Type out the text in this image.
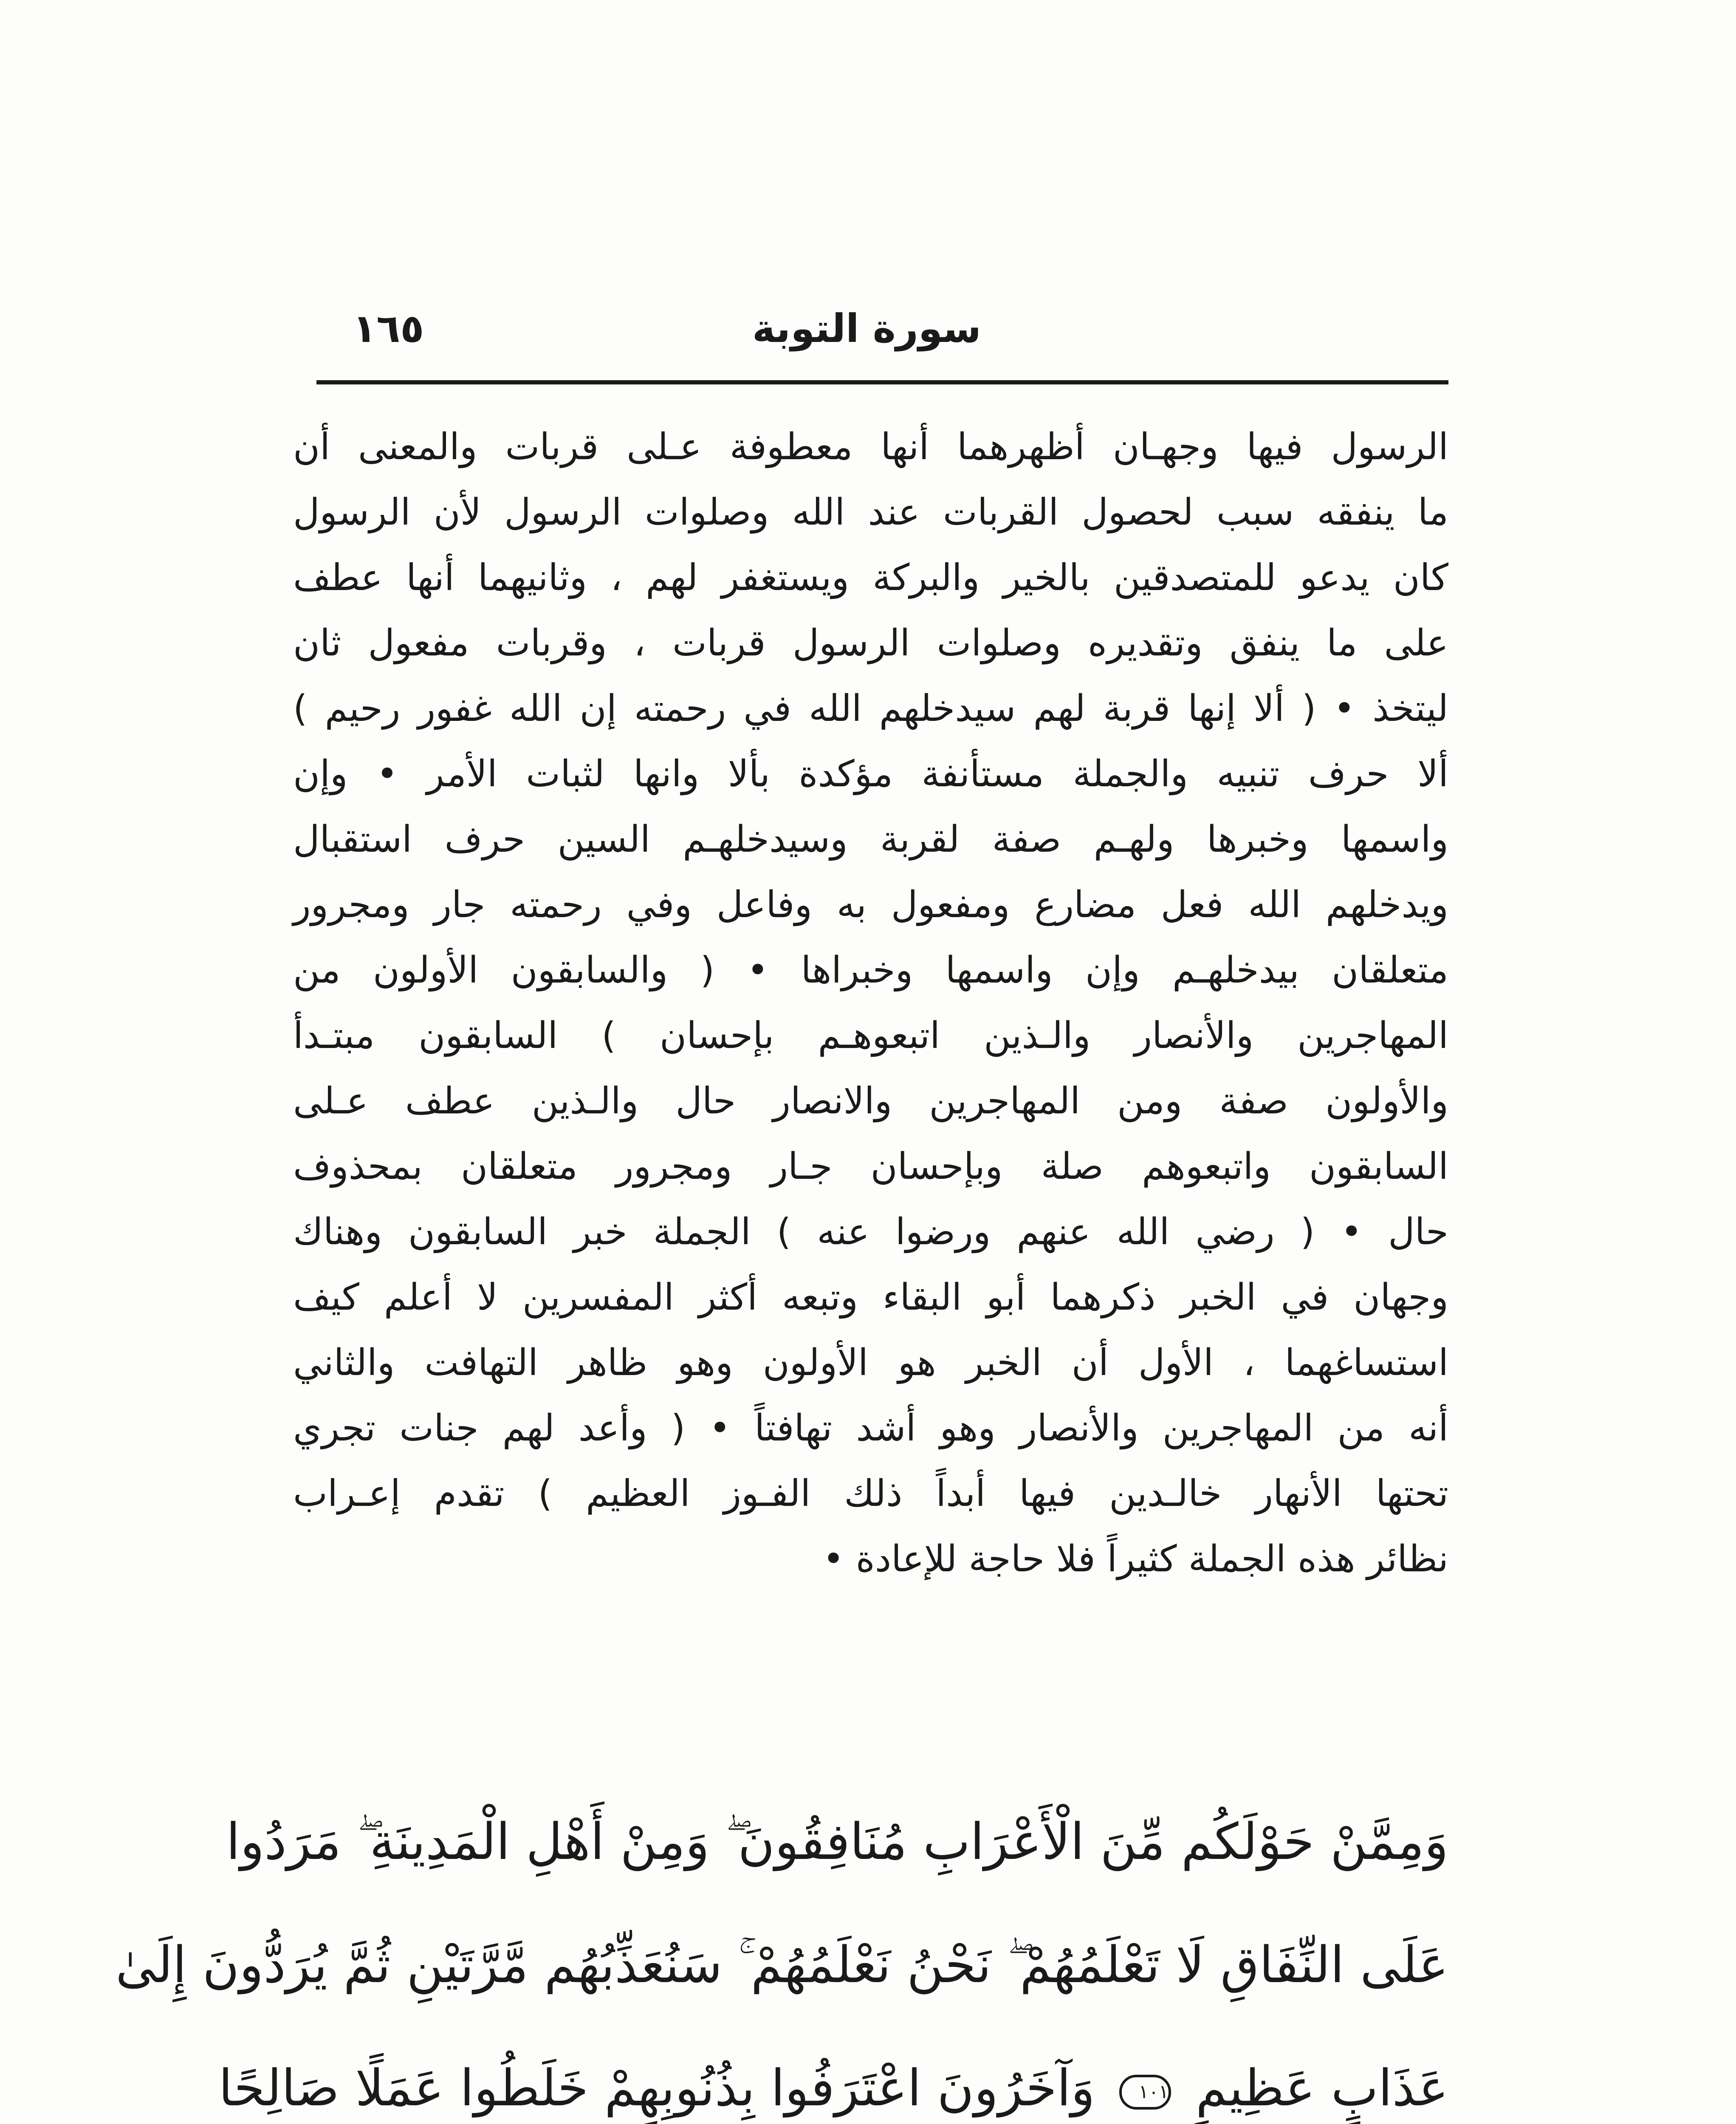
سورة التوبة
١٦٥
الرسول فيها وجهـان أظهرهما أنها معطوفة عـلى قربات والمعنى أن
ما ينفقه سبب لحصول القربات عند الله وصلوات الرسول لأن الرسول
كان يدعو للمتصدقين بالخير والبركة ويستغفر لهم ، وثانيهما أنها عطف
على ما ينفق وتقديره وصلوات الرسول قربات ، وقربات مفعول ثان
ليتخذ • ( ألا إنها قربة لهم سيدخلهم الله في رحمته إن الله غفور رحيم )
ألا حرف تنبيه والجملة مستأنفة مؤكدة بألا وانها لثبات الأمر • وإن
واسمها وخبرها ولهـم صفة لقربة وسيدخلهـم السين حرف استقبال
ويدخلهم الله فعل مضارع ومفعول به وفاعل وفي رحمته جار ومجرور
متعلقان بيدخلهـم وإن واسمها وخبراها • ( والسابقون الأولون من
المهاجرين والأنصار والـذين اتبعوهـم بإحسان ) السابقون مبتـدأ
والأولون صفة ومن المهاجرين والانصار حال والـذين عطف عـلى
السابقون واتبعوهم صلة وبإحسان جـار ومجرور متعلقان بمحذوف
حال • ( رضي الله عنهم ورضوا عنه ) الجملة خبر السابقون وهناك
وجهان في الخبر ذكرهما أبو البقاء وتبعه أكثر المفسرين لا أعلم كيف
استساغهما ، الأول أن الخبر هو الأولون وهو ظاهر التهافت والثاني
أنه من المهاجرين والأنصار وهو أشد تهافتاً • ( وأعد لهم جنات تجري
تحتها الأنهار خالـدين فيها أبداً ذلك الفـوز العظيم ) تقدم إعـراب
نظائر هذه الجملة كثيراً فلا حاجة للإعادة •
وَمِمَّنْ حَوْلَكُم مِّنَ الْأَعْرَابِ مُنَافِقُونَ ۖ وَمِنْ أَهْلِ الْمَدِينَةِ ۖ مَرَدُوا
عَلَى النِّفَاقِ لَا تَعْلَمُهُمْ ۖ نَحْنُ نَعْلَمُهُمْ ۚ سَنُعَذِّبُهُم مَّرَّتَيْنِ ثُمَّ يُرَدُّونَ إِلَىٰ
عَذَابٍ عَظِيمٍ ١٠١ وَآخَرُونَ اعْتَرَفُوا بِذُنُوبِهِمْ خَلَطُوا عَمَلًا صَالِحًا
